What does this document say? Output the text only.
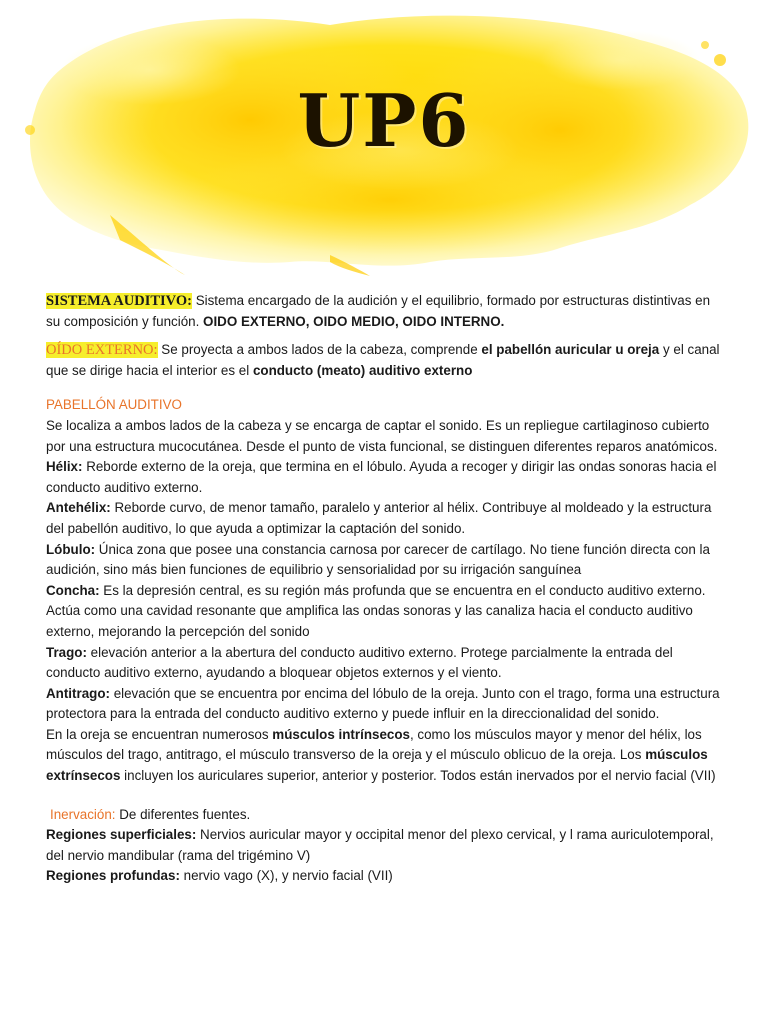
UP6

SISTEMA AUDITIVO: Sistema encargado de la audición y el equilibrio, formado por estructuras distintivas en su composición y función. OIDO EXTERNO, OIDO MEDIO, OIDO INTERNO.

OÍDO EXTERNO: Se proyecta a ambos lados de la cabeza, comprende el pabellón auricular u oreja y el canal que se dirige hacia el interior es el conducto (meato) auditivo externo

PABELLÓN AUDITIVO

Se localiza a ambos lados de la cabeza y se encarga de captar el sonido. Es un repliegue cartilaginoso cubierto por una estructura mucocutánea. Desde el punto de vista funcional, se distinguen diferentes reparos anatómicos.

Hélix: Reborde externo de la oreja, que termina en el lóbulo. Ayuda a recoger y dirigir las ondas sonoras hacia el conducto auditivo externo.

Antehélix: Reborde curvo, de menor tamaño, paralelo y anterior al hélix. Contribuye al moldeado y la estructura del pabellón auditivo, lo que ayuda a optimizar la captación del sonido.

Lóbulo: Única zona que posee una constancia carnosa por carecer de cartílago. No tiene función directa con la audición, sino más bien funciones de equilibrio y sensorialidad por su irrigación sanguínea

Concha: Es la depresión central, es su región más profunda que se encuentra en el conducto auditivo externo. Actúa como una cavidad resonante que amplifica las ondas sonoras y las canaliza hacia el conducto auditivo externo, mejorando la percepción del sonido

Trago: elevación anterior a la abertura del conducto auditivo externo. Protege parcialmente la entrada del conducto auditivo externo, ayudando a bloquear objetos externos y el viento.

Antitrago: elevación que se encuentra por encima del lóbulo de la oreja. Junto con el trago, forma una estructura protectora para la entrada del conducto auditivo externo y puede influir en la direccionalidad del sonido.

En la oreja se encuentran numerosos músculos intrínsecos, como los músculos mayor y menor del hélix, los músculos del trago, antitrago, el músculo transverso de la oreja y el músculo oblicuo de la oreja. Los músculos extrínsecos incluyen los auriculares superior, anterior y posterior. Todos están inervados por el nervio facial (VII)

Inervación: De diferentes fuentes.

Regiones superficiales: Nervios auricular mayor y occipital menor del plexo cervical, y l rama auriculotemporal, del nervio mandibular (rama del trigémino V)

Regiones profundas: nervio vago (X), y nervio facial (VII)
